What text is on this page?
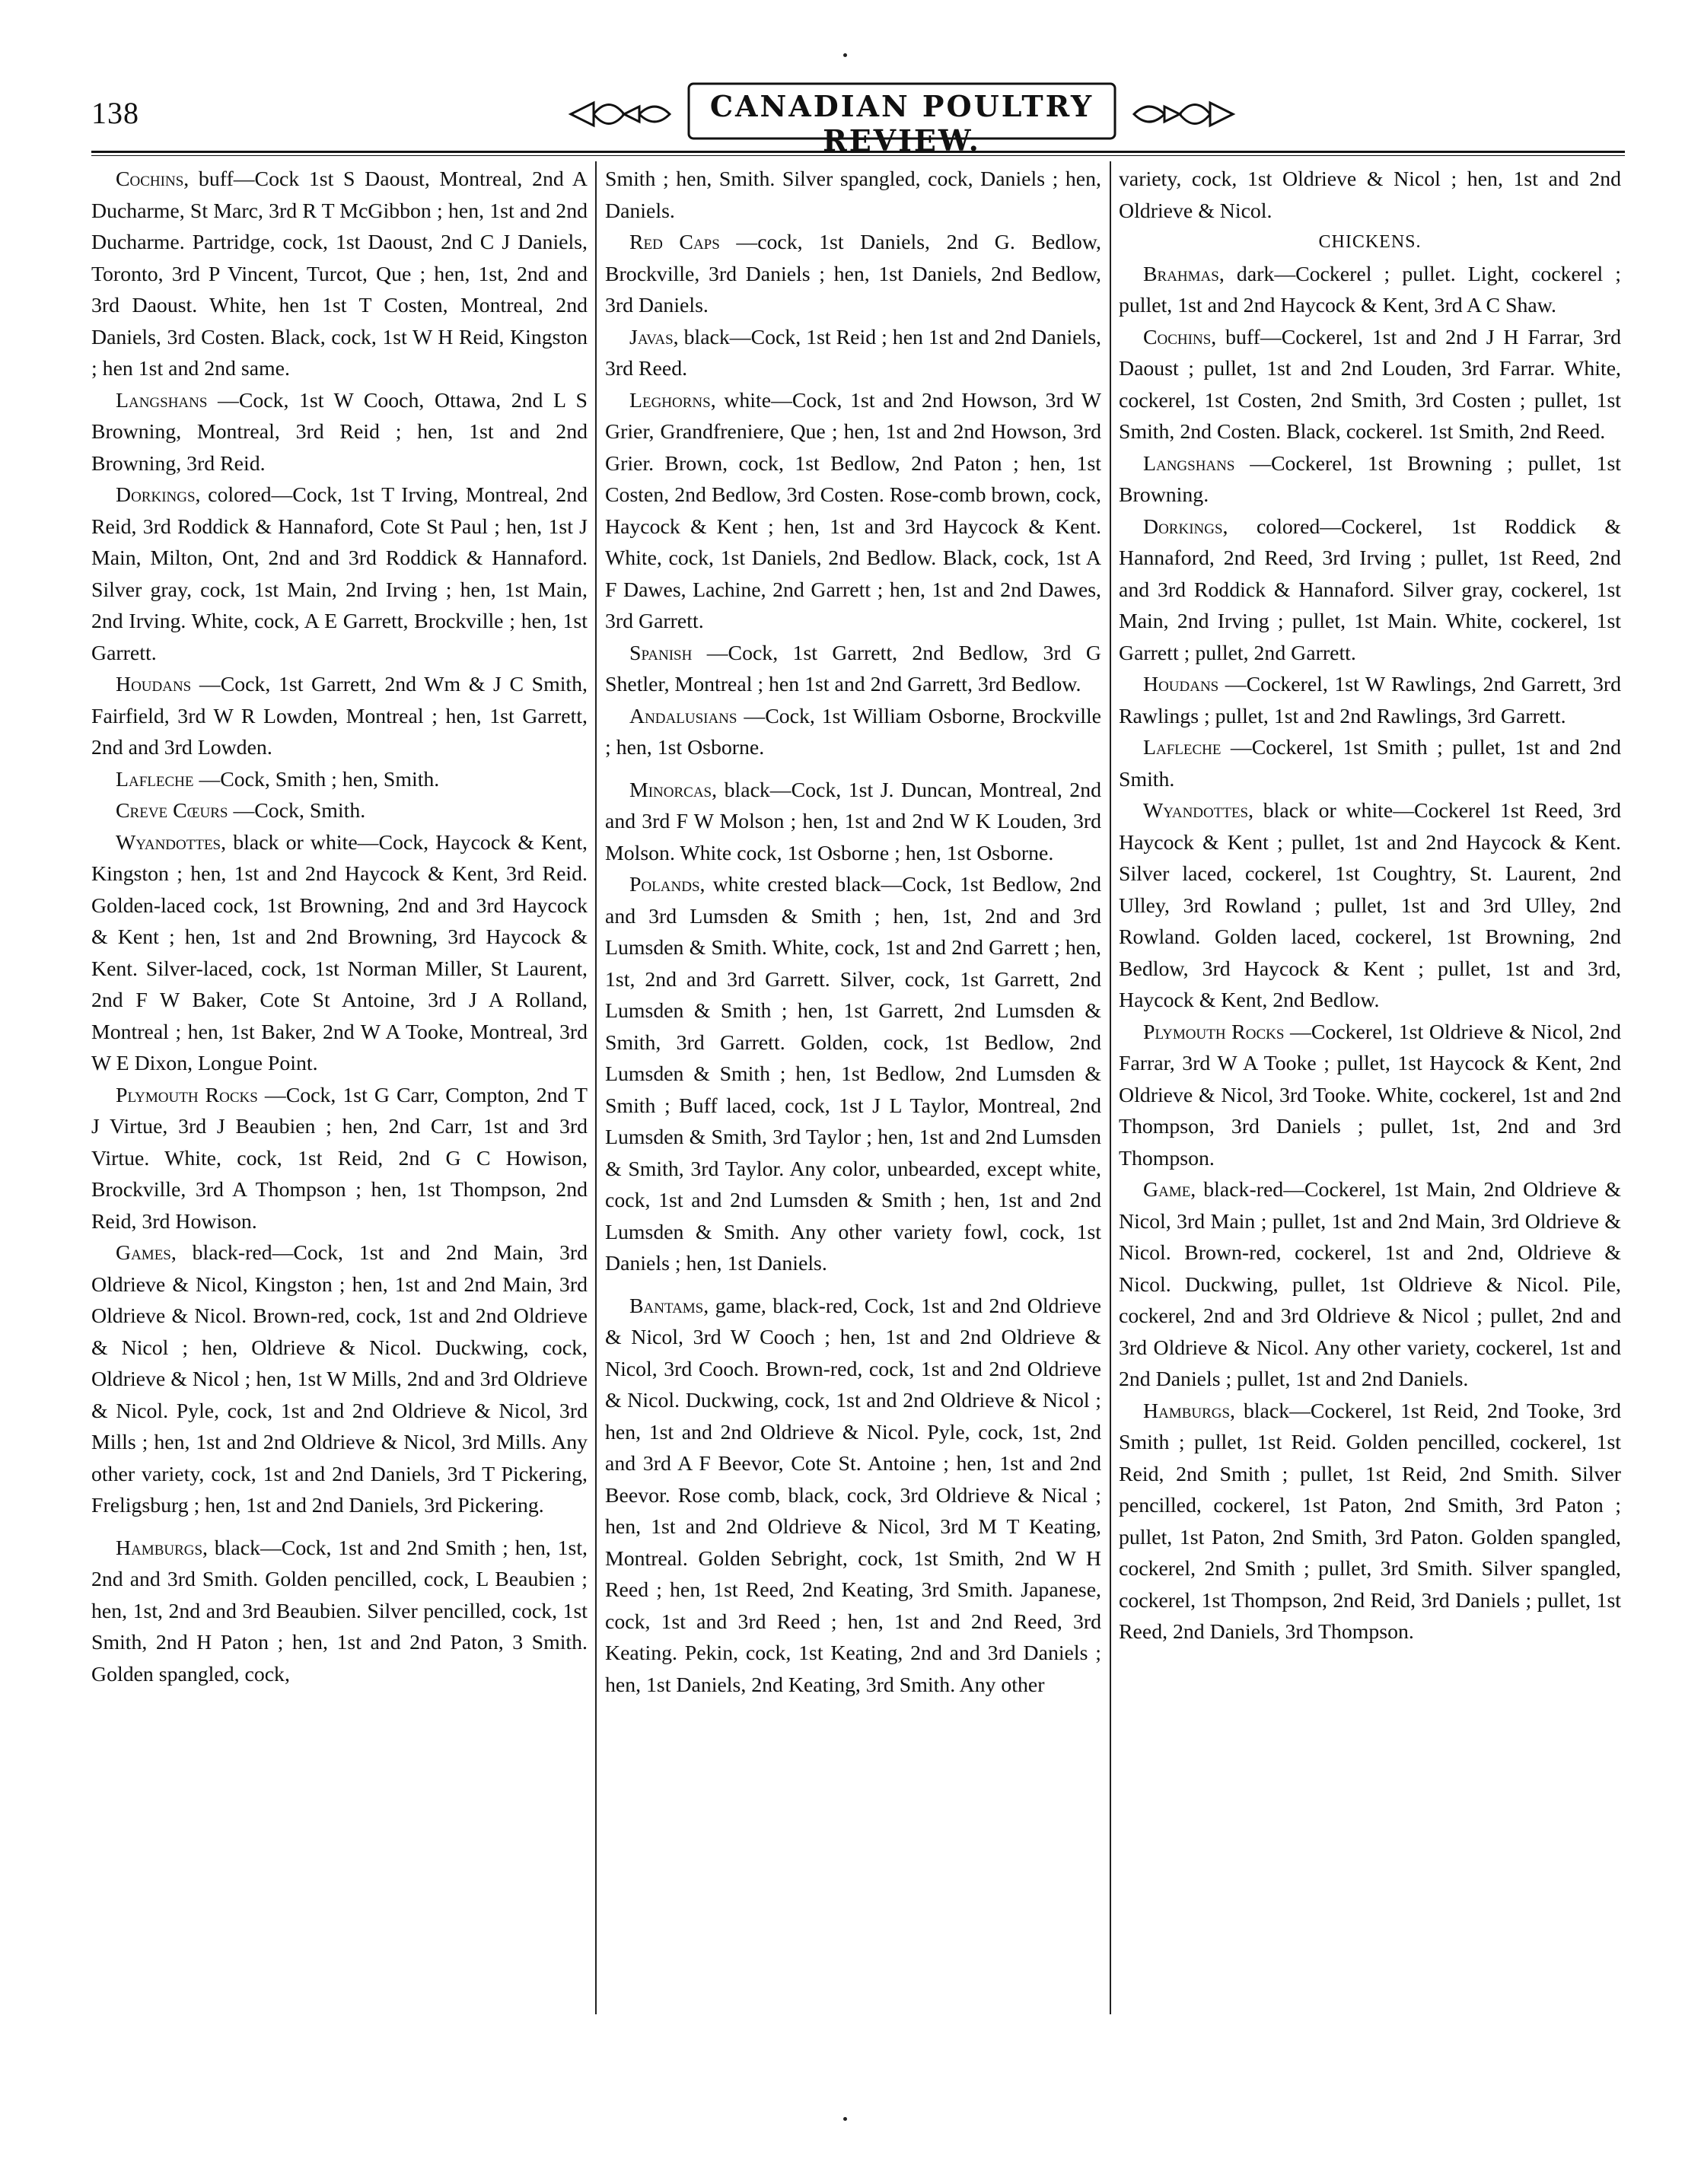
138	CANADIAN POULTRY REVIEW.

Cochins, buff—Cock 1st S Daoust, Montreal, 2nd A Ducharme, St Marc, 3rd R T McGibbon ; hen, 1st and 2nd Ducharme. Partridge, cock, 1st Daoust, 2nd C J Daniels, Toronto, 3rd P Vincent, Turcot, Que ; hen, 1st, 2nd and 3rd Daoust. White, hen 1st T Costen, Montreal, 2nd Daniels, 3rd Costen. Black, cock, 1st W H Reid, Kingston ; hen 1st and 2nd same.

Langshans —Cock, 1st W Cooch, Ottawa, 2nd L S Browning, Montreal, 3rd Reid ; hen, 1st and 2nd Browning, 3rd Reid.

Dorkings, colored—Cock, 1st T Irving, Montreal, 2nd Reid, 3rd Roddick & Hannaford, Cote St Paul ; hen, 1st J Main, Milton, Ont, 2nd and 3rd Roddick & Hannaford. Silver gray, cock, 1st Main, 2nd Irving ; hen, 1st Main, 2nd Irving. White, cock, A E Garrett, Brockville ; hen, 1st Garrett.

Houdans —Cock, 1st Garrett, 2nd Wm & J C Smith, Fairfield, 3rd W R Lowden, Montreal ; hen, 1st Garrett, 2nd and 3rd Lowden.

Lafleche —Cock, Smith ; hen, Smith.

Creve Cœurs —Cock, Smith.

Wyandottes, black or white—Cock, Haycock & Kent, Kingston ; hen, 1st and 2nd Haycock & Kent, 3rd Reid. Golden-laced cock, 1st Browning, 2nd and 3rd Haycock & Kent ; hen, 1st and 2nd Browning, 3rd Haycock & Kent. Silver-laced, cock, 1st Norman Miller, St Laurent, 2nd F W Baker, Cote St Antoine, 3rd J A Rolland, Montreal ; hen, 1st Baker, 2nd W A Tooke, Montreal, 3rd W E Dixon, Longue Point.

Plymouth Rocks —Cock, 1st G Carr, Compton, 2nd T J Virtue, 3rd J Beaubien ; hen, 2nd Carr, 1st and 3rd Virtue. White, cock, 1st Reid, 2nd G C Howison, Brockville, 3rd A Thompson ; hen, 1st Thompson, 2nd Reid, 3rd Howison.

Games, black-red—Cock, 1st and 2nd Main, 3rd Oldrieve & Nicol, Kingston ; hen, 1st and 2nd Main, 3rd Oldrieve & Nicol. Brown-red, cock, 1st and 2nd Oldrieve & Nicol ; hen, Oldrieve & Nicol. Duckwing, cock, Oldrieve & Nicol ; hen, 1st W Mills, 2nd and 3rd Oldrieve & Nicol. Pyle, cock, 1st and 2nd Oldrieve & Nicol, 3rd Mills ; hen, 1st and 2nd Oldrieve & Nicol, 3rd Mills. Any other variety, cock, 1st and 2nd Daniels, 3rd T Pickering, Freligsburg ; hen, 1st and 2nd Daniels, 3rd Pickering.

Hamburgs, black—Cock, 1st and 2nd Smith ; hen, 1st, 2nd and 3rd Smith. Golden pencilled, cock, L Beaubien ; hen, 1st, 2nd and 3rd Beaubien. Silver pencilled, cock, 1st Smith, 2nd H Paton ; hen, 1st and 2nd Paton, 3 Smith. Golden spangled, cock,

Smith ; hen, Smith. Silver spangled, cock, Daniels ; hen, Daniels.

Red Caps —cock, 1st Daniels, 2nd G. Bedlow, Brockville, 3rd Daniels ; hen, 1st Daniels, 2nd Bedlow, 3rd Daniels.

Javas, black—Cock, 1st Reid ; hen 1st and 2nd Daniels, 3rd Reed.

Leghorns, white—Cock, 1st and 2nd Howson, 3rd W Grier, Grandfreniere, Que ; hen, 1st and 2nd Howson, 3rd Grier. Brown, cock, 1st Bedlow, 2nd Paton ; hen, 1st Costen, 2nd Bedlow, 3rd Costen. Rose-comb brown, cock, Haycock & Kent ; hen, 1st and 3rd Haycock & Kent. White, cock, 1st Daniels, 2nd Bedlow. Black, cock, 1st A F Dawes, Lachine, 2nd Garrett ; hen, 1st and 2nd Dawes, 3rd Garrett.

Spanish —Cock, 1st Garrett, 2nd Bedlow, 3rd G Shetler, Montreal ; hen 1st and 2nd Garrett, 3rd Bedlow.

Andalusians —Cock, 1st William Osborne, Brockville ; hen, 1st Osborne.

Minorcas, black—Cock, 1st J. Duncan, Montreal, 2nd and 3rd F W Molson ; hen, 1st and 2nd W K Louden, 3rd Molson. White cock, 1st Osborne ; hen, 1st Osborne.

Polands, white crested black—Cock, 1st Bedlow, 2nd and 3rd Lumsden & Smith ; hen, 1st, 2nd and 3rd Lumsden & Smith. White, cock, 1st and 2nd Garrett ; hen, 1st, 2nd and 3rd Garrett. Silver, cock, 1st Garrett, 2nd Lumsden & Smith ; hen, 1st Garrett, 2nd Lumsden & Smith, 3rd Garrett. Golden, cock, 1st Bedlow, 2nd Lumsden & Smith ; hen, 1st Bedlow, 2nd Lumsden & Smith ; Buff laced, cock, 1st J L Taylor, Montreal, 2nd Lumsden & Smith, 3rd Taylor ; hen, 1st and 2nd Lumsden & Smith, 3rd Taylor. Any color, unbearded, except white, cock, 1st and 2nd Lumsden & Smith ; hen, 1st and 2nd Lumsden & Smith. Any other variety fowl, cock, 1st Daniels ; hen, 1st Daniels.

Bantams, game, black-red, Cock, 1st and 2nd Oldrieve & Nicol, 3rd W Cooch ; hen, 1st and 2nd Oldrieve & Nicol, 3rd Cooch. Brown-red, cock, 1st and 2nd Oldrieve & Nicol. Duckwing, cock, 1st and 2nd Oldrieve & Nicol ; hen, 1st and 2nd Oldrieve & Nicol. Pyle, cock, 1st, 2nd and 3rd A F Beevor, Cote St. Antoine ; hen, 1st and 2nd Beevor. Rose comb, black, cock, 3rd Oldrieve & Nical ; hen, 1st and 2nd Oldrieve & Nicol, 3rd M T Keating, Montreal. Golden Sebright, cock, 1st Smith, 2nd W H Reed ; hen, 1st Reed, 2nd Keating, 3rd Smith. Japanese, cock, 1st and 3rd Reed ; hen, 1st and 2nd Reed, 3rd Keating. Pekin, cock, 1st Keating, 2nd and 3rd Daniels ; hen, 1st Daniels, 2nd Keating, 3rd Smith. Any other

variety, cock, 1st Oldrieve & Nicol ; hen, 1st and 2nd Oldrieve & Nicol.

CHICKENS.

Brahmas, dark—Cockerel ; pullet. Light, cockerel ; pullet, 1st and 2nd Haycock & Kent, 3rd A C Shaw.

Cochins, buff—Cockerel, 1st and 2nd J H Farrar, 3rd Daoust ; pullet, 1st and 2nd Louden, 3rd Farrar. White, cockerel, 1st Costen, 2nd Smith, 3rd Costen ; pullet, 1st Smith, 2nd Costen. Black, cockerel. 1st Smith, 2nd Reed.

Langshans —Cockerel, 1st Browning ; pullet, 1st Browning.

Dorkings, colored—Cockerel, 1st Roddick & Hannaford, 2nd Reed, 3rd Irving ; pullet, 1st Reed, 2nd and 3rd Roddick & Hannaford. Silver gray, cockerel, 1st Main, 2nd Irving ; pullet, 1st Main. White, cockerel, 1st Garrett ; pullet, 2nd Garrett.

Houdans —Cockerel, 1st W Rawlings, 2nd Garrett, 3rd Rawlings ; pullet, 1st and 2nd Rawlings, 3rd Garrett.

Lafleche —Cockerel, 1st Smith ; pullet, 1st and 2nd Smith.

Wyandottes, black or white—Cockerel 1st Reed, 3rd Haycock & Kent ; pullet, 1st and 2nd Haycock & Kent. Silver laced, cockerel, 1st Coughtry, St. Laurent, 2nd Ulley, 3rd Rowland ; pullet, 1st and 3rd Ulley, 2nd Rowland. Golden laced, cockerel, 1st Browning, 2nd Bedlow, 3rd Haycock & Kent ; pullet, 1st and 3rd, Haycock & Kent, 2nd Bedlow.

Plymouth Rocks —Cockerel, 1st Oldrieve & Nicol, 2nd Farrar, 3rd W A Tooke ; pullet, 1st Haycock & Kent, 2nd Oldrieve & Nicol, 3rd Tooke. White, cockerel, 1st and 2nd Thompson, 3rd Daniels ; pullet, 1st, 2nd and 3rd Thompson.

Game, black-red—Cockerel, 1st Main, 2nd Oldrieve & Nicol, 3rd Main ; pullet, 1st and 2nd Main, 3rd Oldrieve & Nicol. Brown-red, cockerel, 1st and 2nd, Oldrieve & Nicol. Duckwing, pullet, 1st Oldrieve & Nicol. Pile, cockerel, 2nd and 3rd Oldrieve & Nicol ; pullet, 2nd and 3rd Oldrieve & Nicol. Any other variety, cockerel, 1st and 2nd Daniels ; pullet, 1st and 2nd Daniels.

Hamburgs, black—Cockerel, 1st Reid, 2nd Tooke, 3rd Smith ; pullet, 1st Reid. Golden pencilled, cockerel, 1st Reid, 2nd Smith ; pullet, 1st Reid, 2nd Smith. Silver pencilled, cockerel, 1st Paton, 2nd Smith, 3rd Paton ; pullet, 1st Paton, 2nd Smith, 3rd Paton. Golden spangled, cockerel, 2nd Smith ; pullet, 3rd Smith. Silver spangled, cockerel, 1st Thompson, 2nd Reid, 3rd Daniels ; pullet, 1st Reed, 2nd Daniels, 3rd Thompson.
